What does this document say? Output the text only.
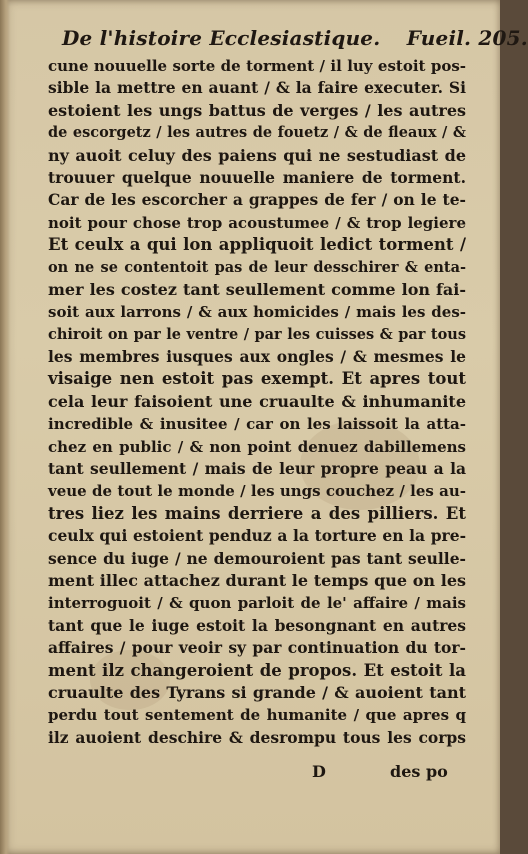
De l'histoire Ecclesiastique. Fueil. 205.
cune nouuelle sorte de torment / il luy estoit pos-
sible la mettre en auant / & la faire executer. Si
estoient les ungs battus de verges / les autres
de escorgetz / les autres de fouetz / & de fleaux / &
ny auoit celuy des paiens qui ne sestudiast de
trouuer quelque nouuelle maniere de torment.
Car de les escorcher a grappes de fer / on le te-
noit pour chose trop acoustumee / & trop legiere
Et ceulx a qui lon appliquoit ledict torment /
on ne se contentoit pas de leur desschirer & enta-
mer les costez tant seullement comme lon fai-
soit aux larrons / & aux homicides / mais les des-
chiroit on par le ventre / par les cuisses & par tous
les membres iusques aux ongles / & mesmes le
visaige nen estoit pas exempt. Et apres tout
cela leur faisoient une cruaulte & inhumanite
incredible & inusitee / car on les laissoit la atta-
chez en public / & non point denuez dabillemens
tant seullement / mais de leur propre peau a la
veue de tout le monde / les ungs couchez / les au-
tres liez les mains derriere a des pilliers. Et
ceulx qui estoient penduz a la torture en la pre-
sence du iuge / ne demouroient pas tant seulle-
ment illec attachez durant le temps que on les
interroguoit / & quon parloit de le' affaire / mais
tant que le iuge estoit la besongnant en autres
affaires / pour veoir sy par continuation du tor-
ment ilz changeroient de propos. Et estoit la
cruaulte des Tyrans si grande / & auoient tant
perdu tout sentement de humanite / que apres q
ilz auoient deschire & desrompu tous les corps
D	des po
